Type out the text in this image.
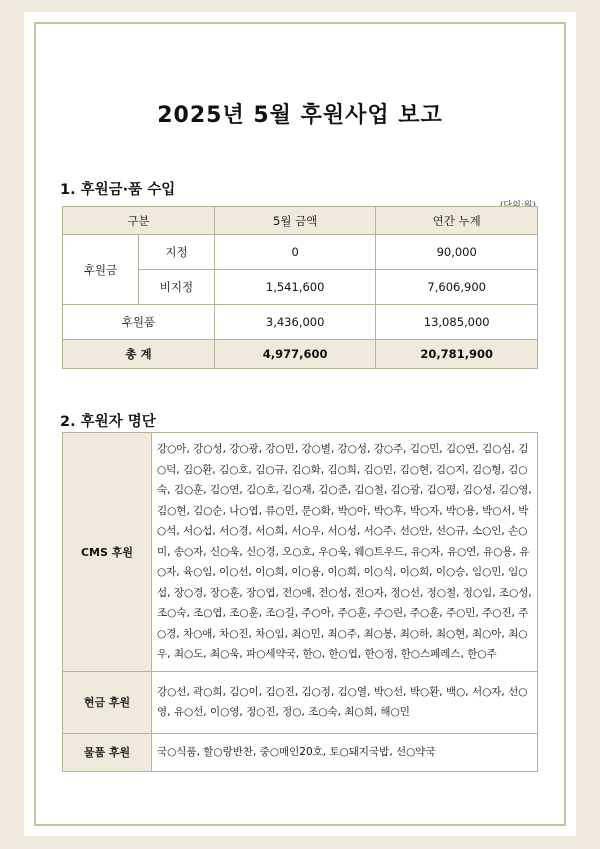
2025년 5월 후원사업 보고
1. 후원금·품 수입
구분		5월 금액	연간 누계
후원금	지정	0	90,000
	비지정	1,541,600	7,606,900
후원품		3,436,000	13,085,000
총 계		4,977,600	20,781,900
2. 후원자 명단
CMS 후원	강○아, 강○성, 강○광, 강○민, 강○별, 강○성, 강○주, 김○민, 김○연, 김○심, 김○덕, 김○환, 김○호, 김○규, 김○화, 김○희, 김○민, 김○현, 김○지, 김○형, 김○숙, 김○훈, 김○연, 김○호, 김○재, 김○준, 김○철, 김○광, 김○평, 김○성, 김○영, 김○현, 김○순, 나○엽, 류○민, 문○화, 박○아, 박○후, 박○자, 박○용, 박○서, 박○석, 서○섭, 서○경, 서○희, 서○우, 서○성, 서○주, 선○안, 선○규, 소○인, 손○미, 송○자, 신○욱, 신○경, 오○호, 우○욱, 웨○트우드, 유○자, 유○연, 유○용, 유○자, 육○임, 이○선, 이○희, 이○용, 이○희, 이○식, 이○희, 이○승, 임○민, 임○섭, 장○경, 장○훈, 장○엽, 전○애, 전○성, 전○자, 정○선, 정○철, 정○임, 조○성, 조○숙, 조○엽, 조○훈, 조○길, 주○아, 주○훈, 주○린, 주○훈, 주○민, 주○진, 주○경, 차○애, 차○진, 차○임, 최○민, 최○주, 최○봉, 최○하, 최○현, 최○아, 최○우, 최○도, 최○욱, 파○세약국, 한○, 한○엽, 한○정, 한○스페레스, 한○주
현금 후원	강○선, 곽○희, 김○이, 김○진, 김○정, 김○열, 박○선, 박○환, 백○, 서○자, 선○영, 유○선, 이○영, 정○진, 정○, 조○숙, 최○희, 해○민
물품 후원	국○식품, 할○랑반찬, 중○매인20호, 토○돼지국밥, 선○약국
